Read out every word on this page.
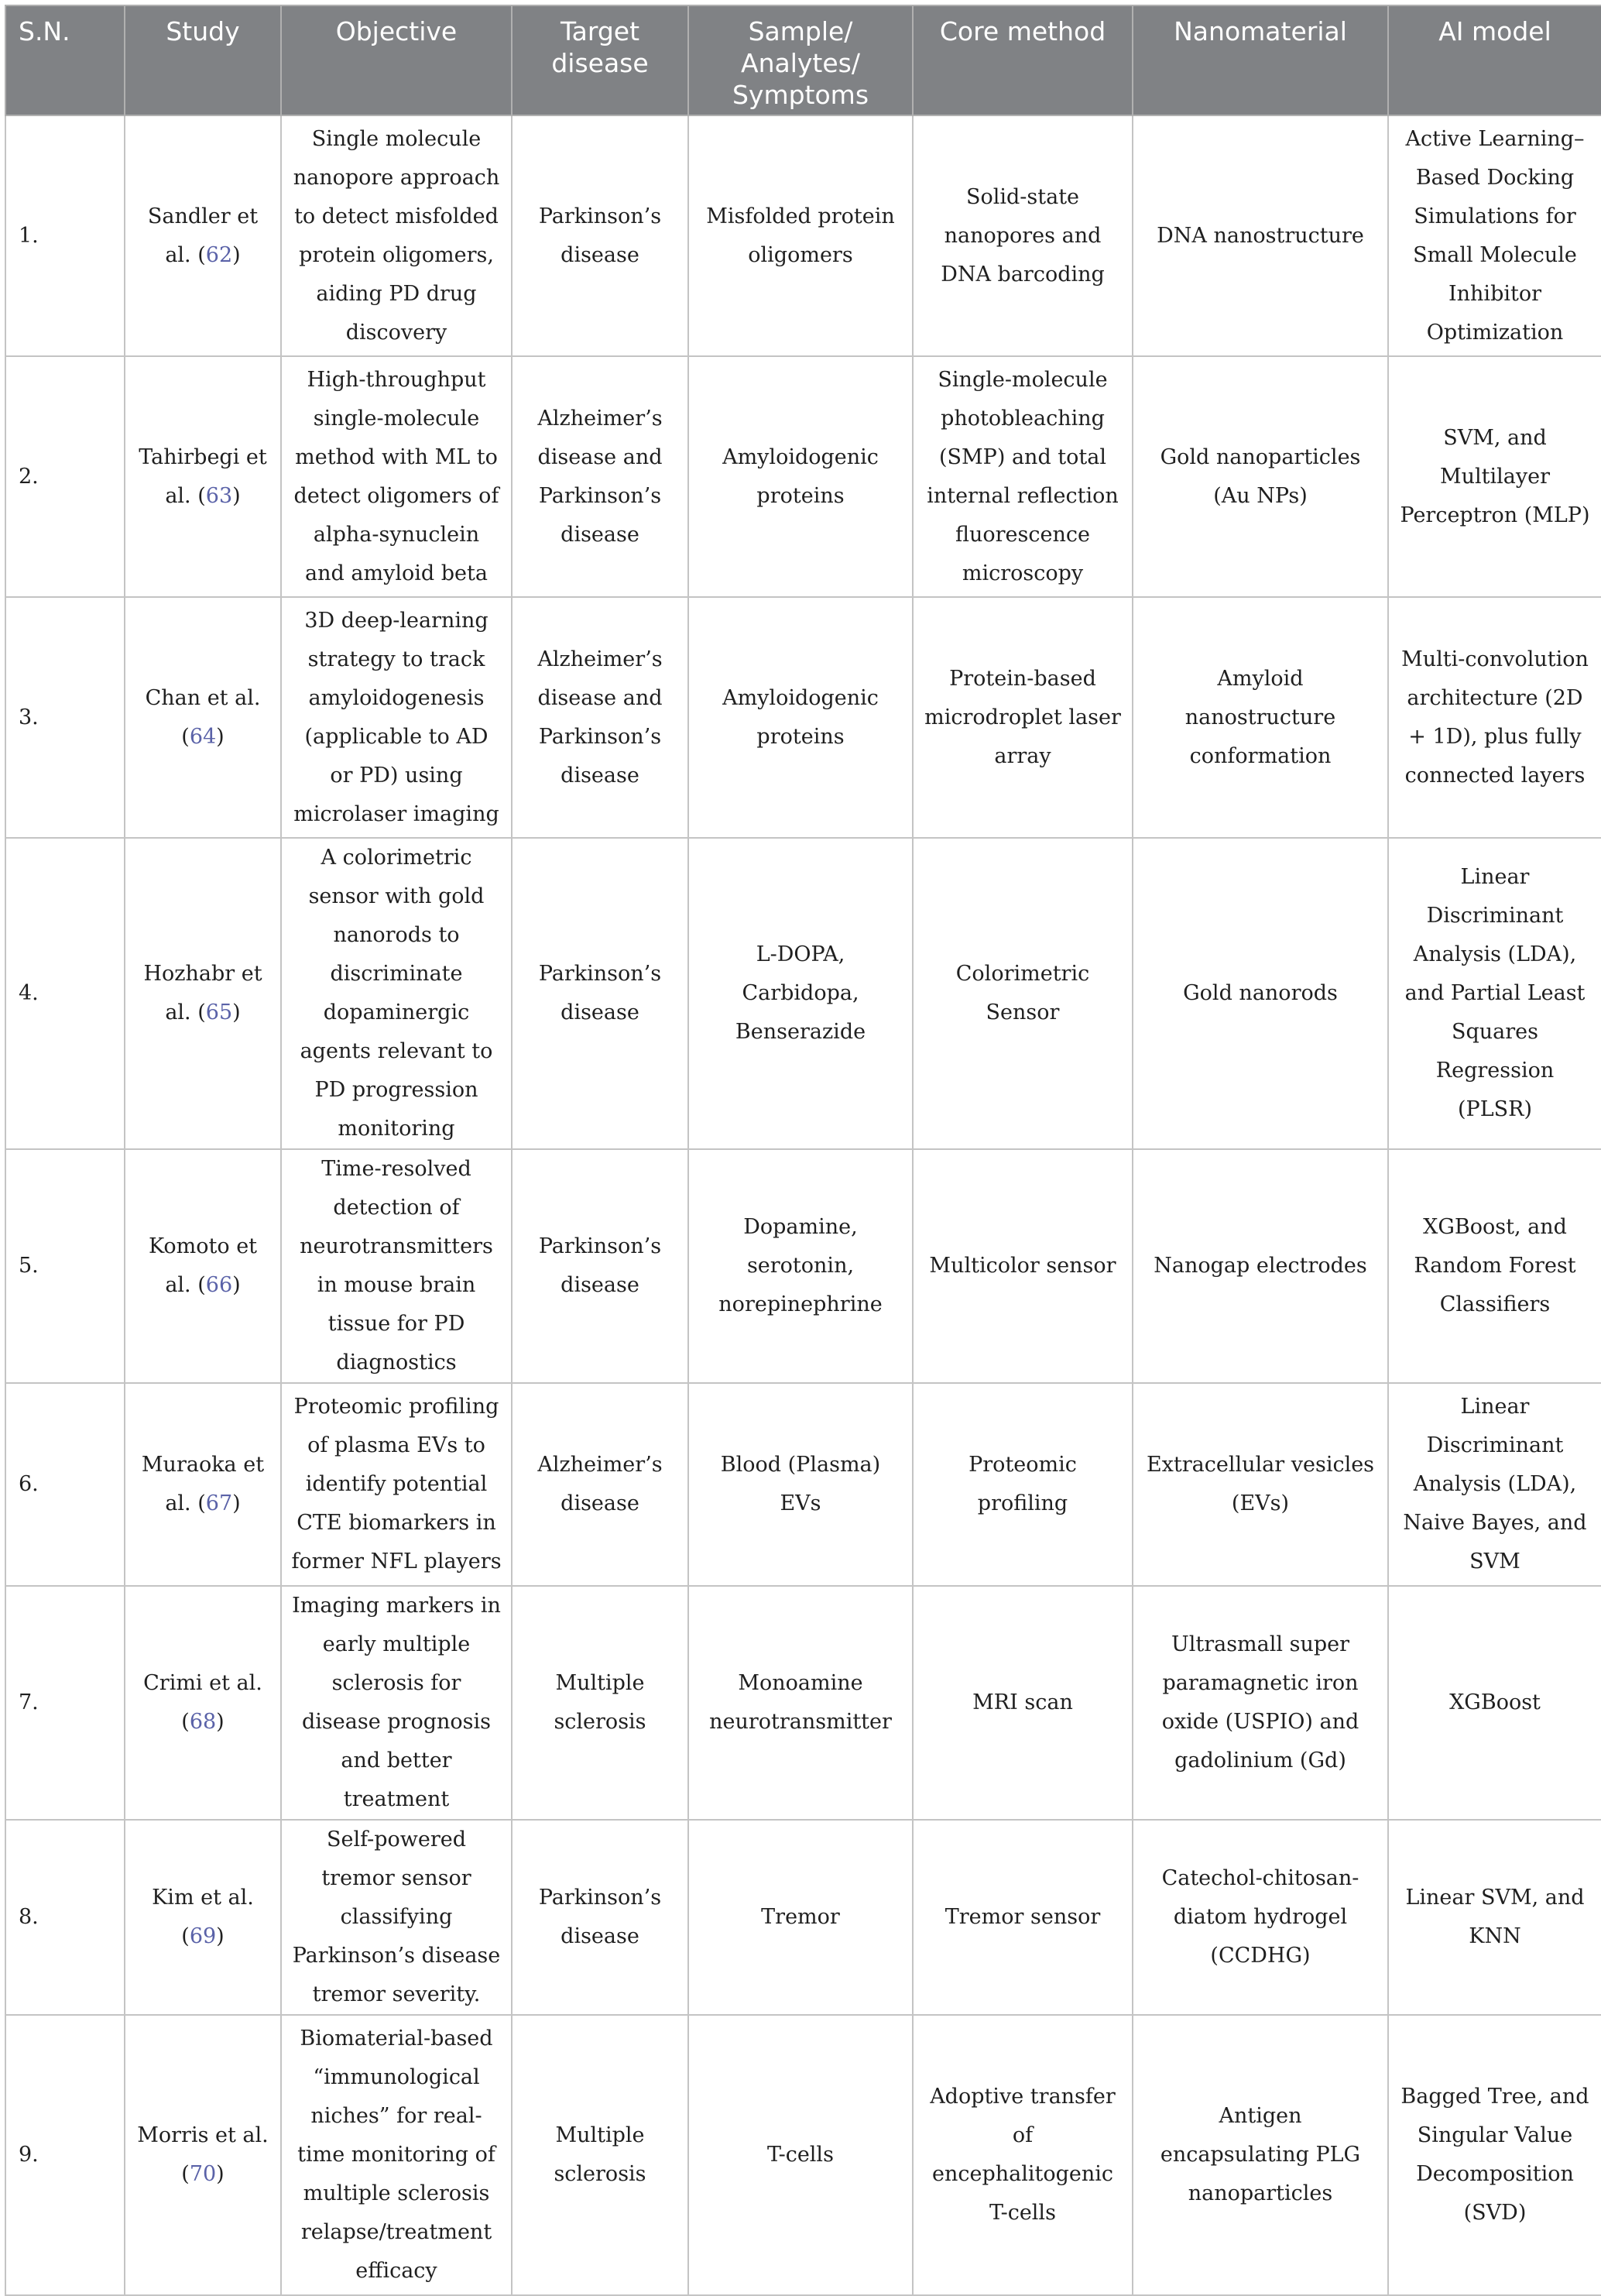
S.N.	Study	Objective	Target disease	Sample/ Analytes/ Symptoms	Core method	Nanomaterial	AI model
1.	Sandler et al. (62)	Single molecule nanopore approach to detect misfolded protein oligomers, aiding PD drug discovery	Parkinson’s disease	Misfolded protein oligomers	Solid-state nanopores and DNA barcoding	DNA nanostructure	Active Learning–Based Docking Simulations for Small Molecule Inhibitor Optimization
2.	Tahirbegi et al. (63)	High-throughput single-molecule method with ML to detect oligomers of alpha-synuclein and amyloid beta	Alzheimer’s disease and Parkinson’s disease	Amyloidogenic proteins	Single-molecule photobleaching (SMP) and total internal reflection fluorescence microscopy	Gold nanoparticles (Au NPs)	SVM, and Multilayer Perceptron (MLP)
3.	Chan et al. (64)	3D deep-learning strategy to track amyloidogenesis (applicable to AD or PD) using microlaser imaging	Alzheimer’s disease and Parkinson’s disease	Amyloidogenic proteins	Protein-based microdroplet laser array	Amyloid nanostructure conformation	Multi-convolution architecture (2D + 1D), plus fully connected layers
4.	Hozhabr et al. (65)	A colorimetric sensor with gold nanorods to discriminate dopaminergic agents relevant to PD progression monitoring	Parkinson’s disease	L-DOPA, Carbidopa, Benserazide	Colorimetric Sensor	Gold nanorods	Linear Discriminant Analysis (LDA), and Partial Least Squares Regression (PLSR)
5.	Komoto et al. (66)	Time-resolved detection of neurotransmitters in mouse brain tissue for PD diagnostics	Parkinson’s disease	Dopamine, serotonin, norepinephrine	Multicolor sensor	Nanogap electrodes	XGBoost, and Random Forest Classifiers
6.	Muraoka et al. (67)	Proteomic profiling of plasma EVs to identify potential CTE biomarkers in former NFL players	Alzheimer’s disease	Blood (Plasma) EVs	Proteomic profiling	Extracellular vesicles (EVs)	Linear Discriminant Analysis (LDA), Naive Bayes, and SVM
7.	Crimi et al. (68)	Imaging markers in early multiple sclerosis for disease prognosis and better treatment	Multiple sclerosis	Monoamine neurotransmitter	MRI scan	Ultrasmall super paramagnetic iron oxide (USPIO) and gadolinium (Gd)	XGBoost
8.	Kim et al. (69)	Self-powered tremor sensor classifying Parkinson’s disease tremor severity.	Parkinson’s disease	Tremor	Tremor sensor	Catechol-chitosan-diatom hydrogel (CCDHG)	Linear SVM, and KNN
9.	Morris et al. (70)	Biomaterial-based “immunological niches” for real-time monitoring of multiple sclerosis relapse/treatment efficacy	Multiple sclerosis	T-cells	Adoptive transfer of encephalitogenic T-cells	Antigen encapsulating PLG nanoparticles	Bagged Tree, and Singular Value Decomposition (SVD)
